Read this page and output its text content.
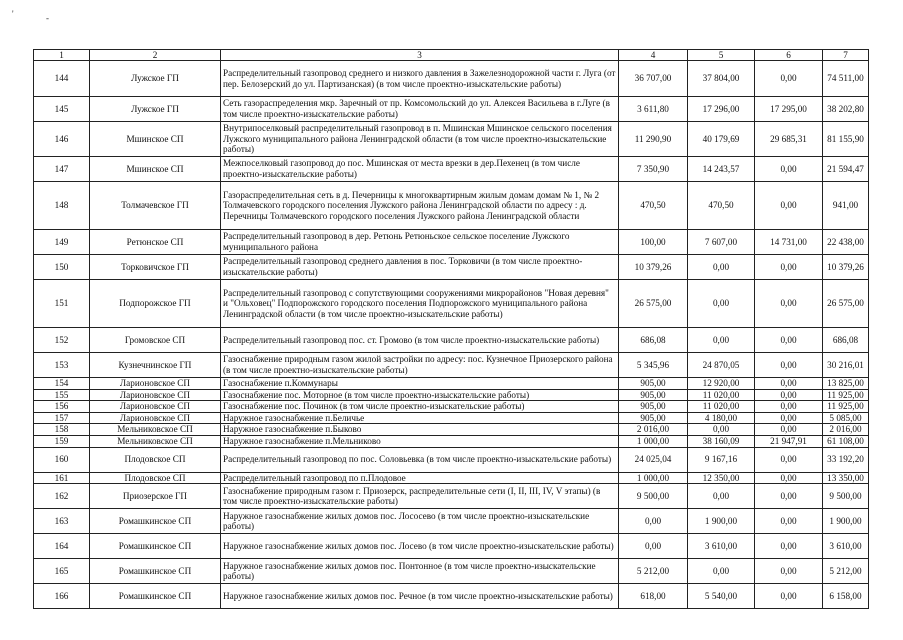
'	-
1	2	3	4	5	6	7
144	Лужское ГП	Распределительный газопровод среднего и низкого давления в Зажелезнодорожной части г. Луга (от пер. Белозерский до ул. Партизанская) (в том числе проектно-изыскательские работы)	36 707,00	37 804,00	0,00	74 511,00
145	Лужское ГП	Сеть газораспределения мкр. Заречный от пр. Комсомольский до ул. Алексея Васильева в г.Луге (в том числе проектно-изыскательские работы)	3 611,80	17 296,00	17 295,00	38 202,80
146	Мшинское СП	Внутрипоселковый распределительный газопровод в п. Мшинская Мшинское сельского поселения Лужского муниципального района Ленинградской области (в том числе проектно-изыскательские работы)	11 290,90	40 179,69	29 685,31	81 155,90
147	Мшинское СП	Межпоселковый газопровод до пос. Мшинская от места врезки в дер.Пехенец (в том числе проектно-изыскательские работы)	7 350,90	14 243,57	0,00	21 594,47
148	Толмачевское ГП	Газораспределительная сеть в д. Печерницы к многоквартирным жилым домам домам № 1, № 2 Толмачевского городского поселения Лужского района Ленинградской области по адресу : д. Перечницы Толмачевского городского поселения Лужского района Ленинградской области	470,50	470,50	0,00	941,00
149	Ретюнское СП	Распределительный газопровод в дер. Ретюнь Ретюньское сельское поселение Лужского муниципального района	100,00	7 607,00	14 731,00	22 438,00
150	Торковичское ГП	Распределительный газопровод среднего давления в пос. Торковичи (в том числе проектно-изыскательские работы)	10 379,26	0,00	0,00	10 379,26
151	Подпорожское ГП	Распределительный газопровод с сопутствующими сооружениями микрорайонов "Новая деревня" и "Ольховец" Подпорожского городского поселения Подпорожского муниципального района Ленинградской области (в том числе проектно-изыскательские работы)	26 575,00	0,00	0,00	26 575,00
152	Громовское СП	Распределительный газопровод пос. ст. Громово (в том числе проектно-изыскательские работы)	686,08	0,00	0,00	686,08
153	Кузнечнинское ГП	Газоснабжение природным газом жилой застройки по адресу: пос. Кузнечное Приозерского района (в том числе проектно-изыскательские работы)	5 345,96	24 870,05	0,00	30 216,01
154	Ларионовское СП	Газоснабжение п.Коммунары	905,00	12 920,00	0,00	13 825,00
155	Ларионовское СП	Газоснабжение пос. Моторное (в том числе проектно-изыскательские работы)	905,00	11 020,00	0,00	11 925,00
156	Ларионовское СП	Газоснабжение пос. Починок (в том числе проектно-изыскательские работы)	905,00	11 020,00	0,00	11 925,00
157	Ларионовское СП	Наружное газоснабжение п.Беличье	905,00	4 180,00	0,00	5 085,00
158	Мельниковское СП	Наружное газоснабжение п.Быково	2 016,00	0,00	0,00	2 016,00
159	Мельниковское СП	Наружное газоснабжение п.Мельниково	1 000,00	38 160,09	21 947,91	61 108,00
160	Плодовское СП	Распределительный газопровод по пос. Соловьевка (в том числе проектно-изыскательские работы)	24 025,04	9 167,16	0,00	33 192,20
161	Плодовское СП	Распределительный газопровод по п.Плодовое	1 000,00	12 350,00	0,00	13 350,00
162	Приозерское ГП	Газоснабжение природным газом г. Приозерск, распределительные сети (I, II, III, IV, V этапы) (в том числе проектно-изыскательские работы)	9 500,00	0,00	0,00	9 500,00
163	Ромашкинское СП	Наружное газоснабжение жилых домов пос. Лососево (в том числе проектно-изыскательские работы)	0,00	1 900,00	0,00	1 900,00
164	Ромашкинское СП	Наружное газоснабжение жилых домов пос. Лосево (в том числе проектно-изыскательские работы)	0,00	3 610,00	0,00	3 610,00
165	Ромашкинское СП	Наружное газоснабжение жилых домов пос. Понтонное (в том числе проектно-изыскательские работы)	5 212,00	0,00	0,00	5 212,00
166	Ромашкинское СП	Наружное газоснабжение жилых домов пос. Речное (в том числе проектно-изыскательские работы)	618,00	5 540,00	0,00	6 158,00
